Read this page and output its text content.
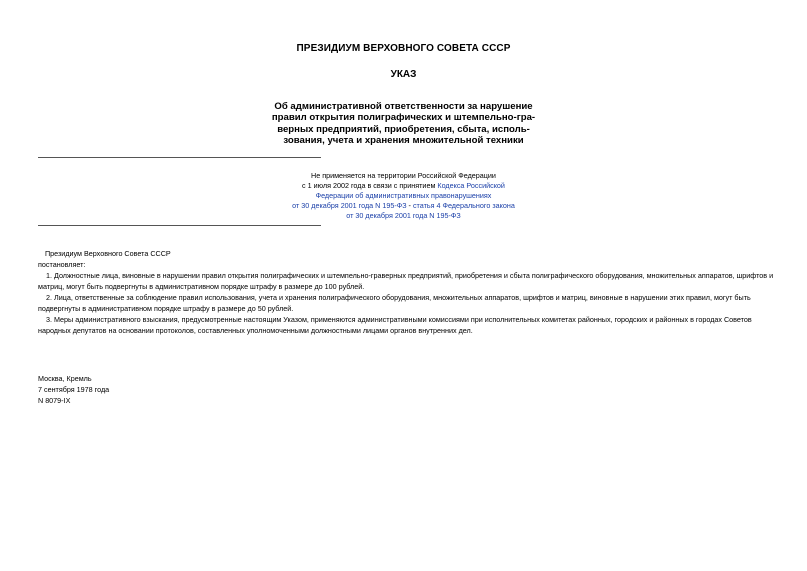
ПРЕЗИДИУМ ВЕРХОВНОГО СОВЕТА СССР
УКАЗ
Об административной ответственности за нарушение
правил открытия полиграфических и штемпельно-гра-
верных предприятий, приобретения, сбыта, исполь-
зования, учета и хранения множительной техники
Не применяется на территории Российской Федерации
с 1 июля 2002 года в связи с принятием Кодекса Российской
Федерации об административных правонарушениях
от 30 декабря 2001 года N 195-ФЗ - статья 4 Федерального закона
от 30 декабря 2001 года N 195-ФЗ
Президиум Верховного Совета СССР
постановляет:
1. Должностные лица, виновные в нарушении правил открытия полиграфических и штемпельно-граверных предприятий, приобретения и сбыта полиграфического оборудования, множительных аппаратов, шрифтов и
матриц, могут быть подвергнуты в административном порядке штрафу в размере до 100 рублей.
2. Лица, ответственные за соблюдение правил использования, учета и хранения полиграфического оборудования, множительных аппаратов, шрифтов и матриц, виновные в нарушении этих правил, могут быть
подвергнуты в административном порядке штрафу в размере до 50 рублей.
3. Меры административного взыскания, предусмотренные настоящим Указом, применяются административными комиссиями при исполнительных комитетах районных, городских и районных в городах Советов
народных депутатов на основании протоколов, составленных уполномоченными должностными лицами органов внутренних дел.
Москва, Кремль
7 сентября 1978 года
N 8079-IX
